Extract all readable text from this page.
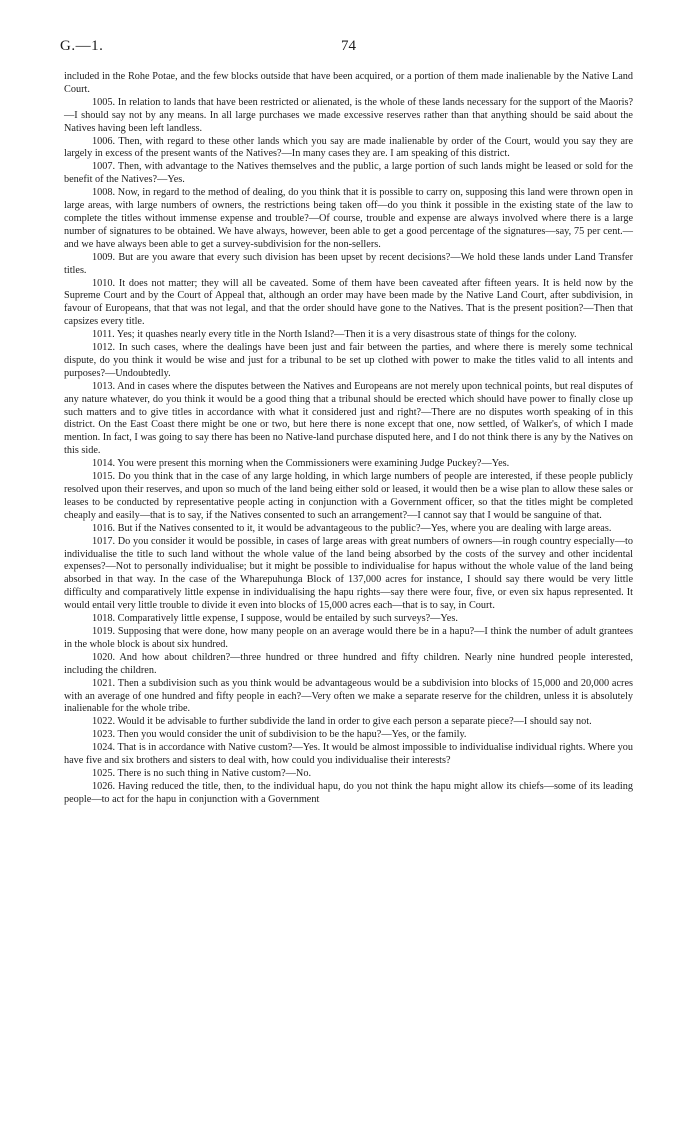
G.—1.	74

included in the Rohe Potae, and the few blocks outside that have been acquired, or a portion of them made inalienable by the Native Land Court.

1005. In relation to lands that have been restricted or alienated, is the whole of these lands necessary for the support of the Maoris?—I should say not by any means. In all large purchases we made excessive reserves rather than that anything should be said about the Natives having been left landless.

1006. Then, with regard to these other lands which you say are made inalienable by order of the Court, would you say they are largely in excess of the present wants of the Natives?—In many cases they are. I am speaking of this district.

1007. Then, with advantage to the Natives themselves and the public, a large portion of such lands might be leased or sold for the benefit of the Natives?—Yes.

1008. Now, in regard to the method of dealing, do you think that it is possible to carry on, supposing this land were thrown open in large areas, with large numbers of owners, the restrictions being taken off—do you think it possible in the existing state of the law to complete the titles without immense expense and trouble?—Of course, trouble and expense are always involved where there is a large number of signatures to be obtained. We have always, however, been able to get a good percentage of the signatures—say, 75 per cent.—and we have always been able to get a survey-subdivision for the non-sellers.

1009. But are you aware that every such division has been upset by recent decisions?—We hold these lands under Land Transfer titles.

1010. It does not matter; they will all be caveated. Some of them have been caveated after fifteen years. It is held now by the Supreme Court and by the Court of Appeal that, although an order may have been made by the Native Land Court, after subdivision, in favour of Europeans, that that was not legal, and that the order should have gone to the Natives. That is the present position?—Then that capsizes every title.

1011. Yes; it quashes nearly every title in the North Island?—Then it is a very disastrous state of things for the colony.

1012. In such cases, where the dealings have been just and fair between the parties, and where there is merely some technical dispute, do you think it would be wise and just for a tribunal to be set up clothed with power to make the titles valid to all intents and purposes?—Undoubtedly.

1013. And in cases where the disputes between the Natives and Europeans are not merely upon technical points, but real disputes of any nature whatever, do you think it would be a good thing that a tribunal should be erected which should have power to finally close up such matters and to give titles in accordance with what it considered just and right?—There are no disputes worth speaking of in this district. On the East Coast there might be one or two, but here there is none except that one, now settled, of Walker's, of which I made mention. In fact, I was going to say there has been no Native-land purchase disputed here, and I do not think there is any by the Natives on this side.

1014. You were present this morning when the Commissioners were examining Judge Puckey?—Yes.

1015. Do you think that in the case of any large holding, in which large numbers of people are interested, if these people publicly resolved upon their reserves, and upon so much of the land being either sold or leased, it would then be a wise plan to allow these sales or leases to be conducted by representative people acting in conjunction with a Government officer, so that the titles might be completed cheaply and easily—that is to say, if the Natives consented to such an arrangement?—I cannot say that I would be sanguine of that.

1016. But if the Natives consented to it, it would be advantageous to the public?—Yes, where you are dealing with large areas.

1017. Do you consider it would be possible, in cases of large areas with great numbers of owners—in rough country especially—to individualise the title to such land without the whole value of the land being absorbed by the costs of the survey and other incidental expenses?—Not to personally individualise; but it might be possible to individualise for hapus without the whole value of the land being absorbed in that way. In the case of the Wharepuhunga Block of 137,000 acres for instance, I should say there would be very little difficulty and comparatively little expense in individualising the hapu rights—say there were four, five, or even six hapus represented. It would entail very little trouble to divide it even into blocks of 15,000 acres each—that is to say, in Court.

1018. Comparatively little expense, I suppose, would be entailed by such surveys?—Yes.

1019. Supposing that were done, how many people on an average would there be in a hapu?—I think the number of adult grantees in the whole block is about six hundred.

1020. And how about children?—three hundred or three hundred and fifty children. Nearly nine hundred people interested, including the children.

1021. Then a subdivision such as you think would be advantageous would be a subdivision into blocks of 15,000 and 20,000 acres with an average of one hundred and fifty people in each?—Very often we make a separate reserve for the children, unless it is absolutely inalienable for the whole tribe.

1022. Would it be advisable to further subdivide the land in order to give each person a separate piece?—I should say not.

1023. Then you would consider the unit of subdivision to be the hapu?—Yes, or the family.

1024. That is in accordance with Native custom?—Yes. It would be almost impossible to individualise individual rights. Where you have five and six brothers and sisters to deal with, how could you individualise their interests?

1025. There is no such thing in Native custom?—No.

1026. Having reduced the title, then, to the individual hapu, do you not think the hapu might allow its chiefs—some of its leading people—to act for the hapu in conjunction with a Government
